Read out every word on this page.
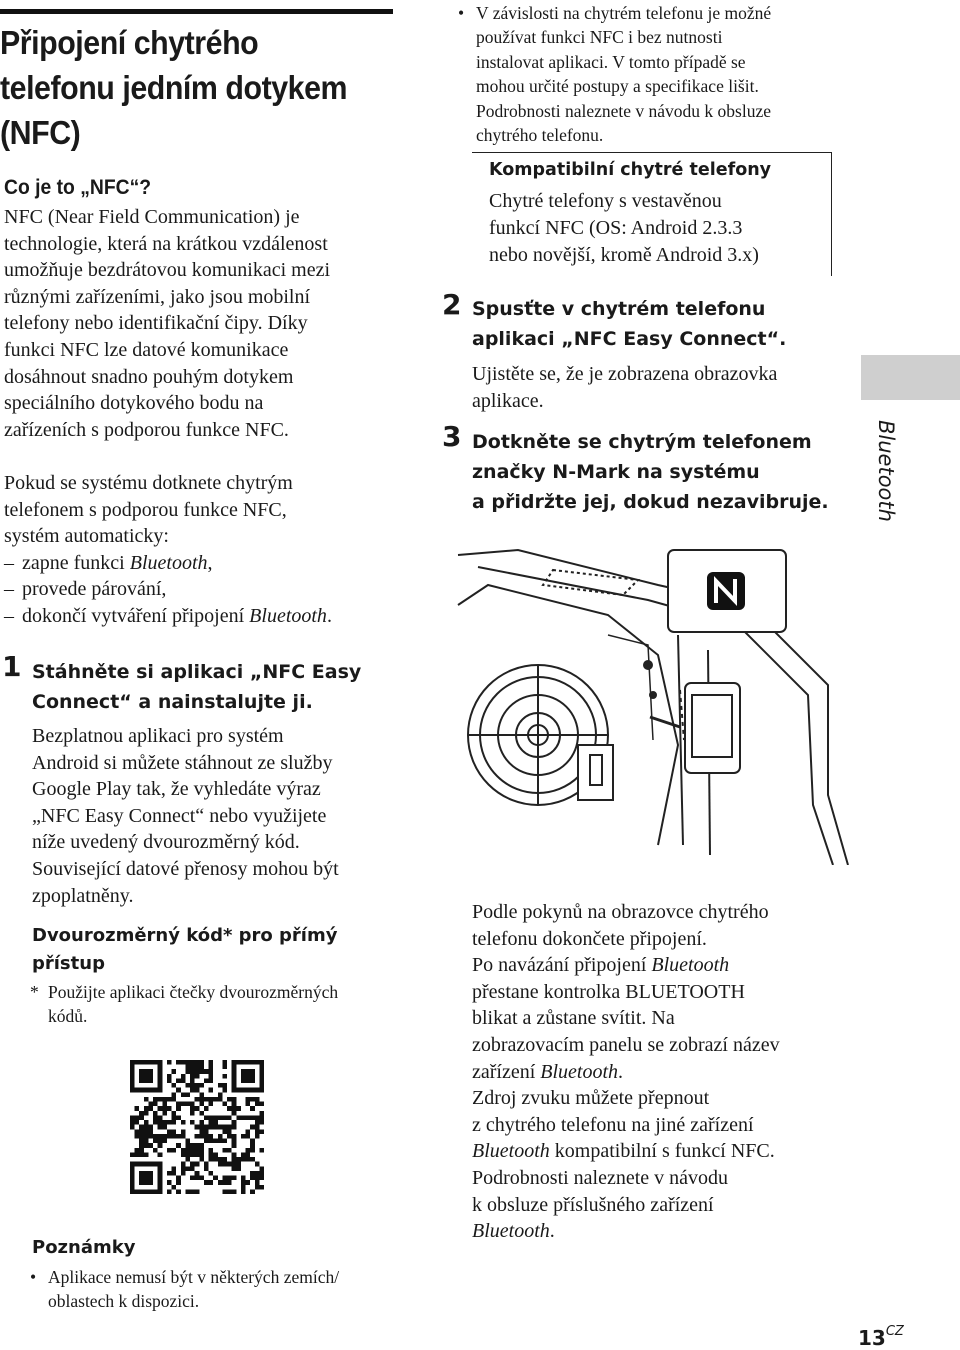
Připojení chytrého
telefonu jedním dotykem
(NFC)
Co je to „NFC“?
NFC (Near Field Communication) je
technologie, která na krátkou vzdálenost
umožňuje bezdrátovou komunikaci mezi
různými zařízeními, jako jsou mobilní
telefony nebo identifikační čipy. Díky
funkci NFC lze datové komunikace
dosáhnout snadno pouhým dotykem
speciálního dotykového bodu na
zařízeních s podporou funkce NFC.
Pokud se systému dotknete chytrým
telefonem s podporou funkce NFC,
systém automaticky:
– zapne funkci Bluetooth,
– provede párování,
– dokončí vytváření připojení Bluetooth.
1 Stáhněte si aplikaci „NFC Easy
Connect“ a nainstalujte ji.
Bezplatnou aplikaci pro systém
Android si můžete stáhnout ze služby
Google Play tak, že vyhledáte výraz
„NFC Easy Connect“ nebo využijete
níže uvedený dvourozměrný kód.
Související datové přenosy mohou být
zpoplatněny.
Dvourozměrný kód* pro přímý
přístup
* Použijte aplikaci čtečky dvourozměrných
kódů.
Poznámky
• Aplikace nemusí být v některých zemích/
oblastech k dispozici.
• V závislosti na chytrém telefonu je možné
používat funkci NFC i bez nutnosti
instalovat aplikaci. V tomto případě se
mohou určité postupy a specifikace lišit.
Podrobnosti naleznete v návodu k obsluze
chytrého telefonu.
Kompatibilní chytré telefony
Chytré telefony s vestavěnou
funkcí NFC (OS: Android 2.3.3
nebo novější, kromě Android 3.x)
2 Spusťte v chytrém telefonu
aplikaci „NFC Easy Connect“.
Ujistěte se, že je zobrazena obrazovka
aplikace.
3 Dotkněte se chytrým telefonem
značky N-Mark na systému
a přidržte jej, dokud nezavibruje. Bluetooth
Podle pokynů na obrazovce chytrého
telefonu dokončete připojení.
Po navázání připojení Bluetooth
přestane kontrolka BLUETOOTH
blikat a zůstane svítit. Na
zobrazovacím panelu se zobrazí název
zařízení Bluetooth.
Zdroj zvuku můžete přepnout
z chytrého telefonu na jiné zařízení
Bluetooth kompatibilní s funkcí NFC.
Podrobnosti naleznete v návodu
k obsluze příslušného zařízení
Bluetooth.
$13^{CZ}$
